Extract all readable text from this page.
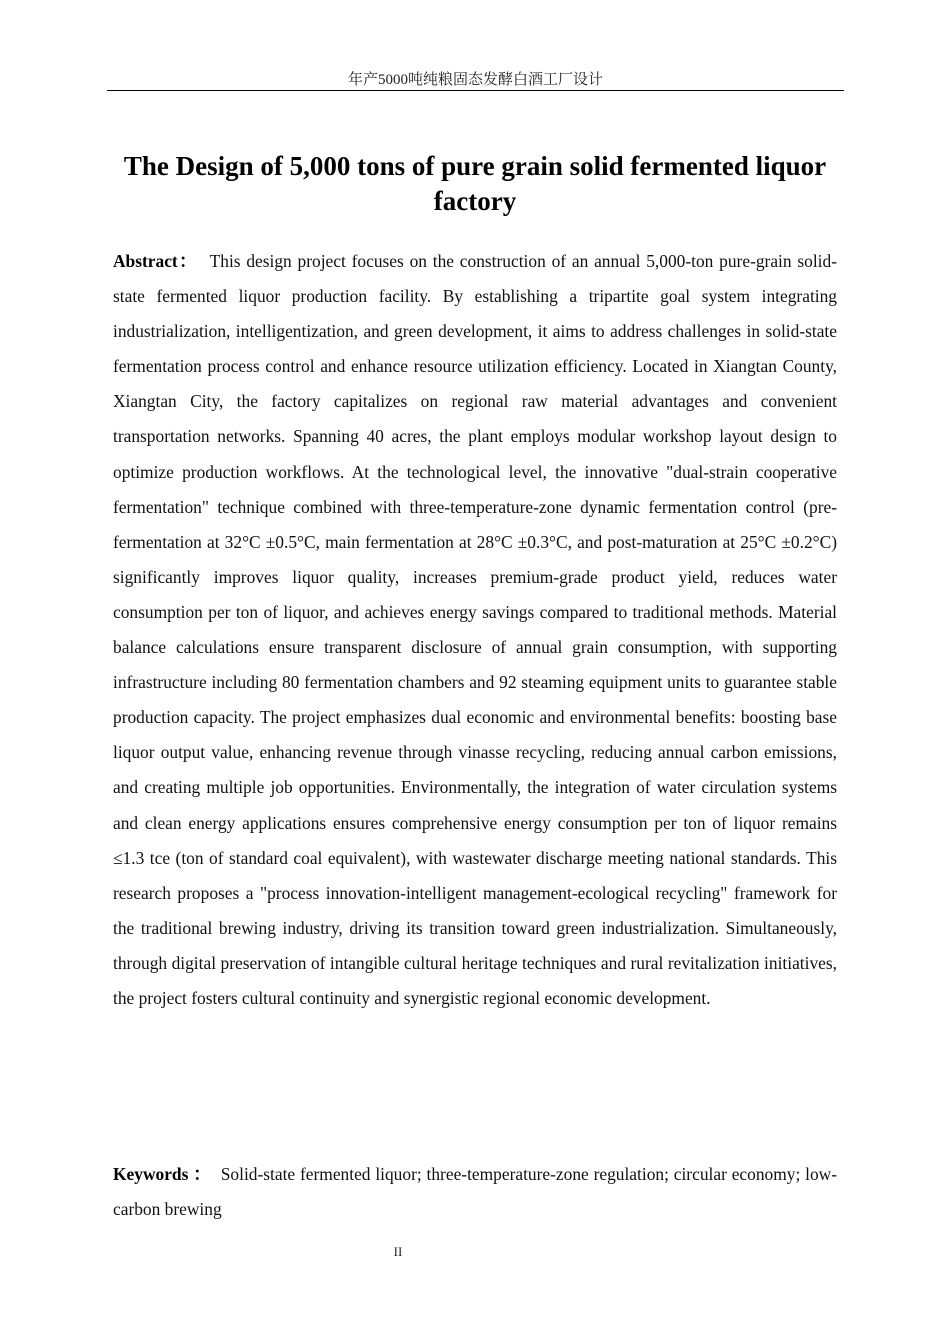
年产5000吨纯粮固态发酵白酒工厂设计
The Design of 5,000 tons of pure grain solid fermented liquor factory

Abstract： This design project focuses on the construction of an annual 5,000-ton pure-grain solid-state fermented liquor production facility. By establishing a tripartite goal system integrating industrialization, intelligentization, and green development, it aims to address challenges in solid-state fermentation process control and enhance resource utilization efficiency. Located in Xiangtan County, Xiangtan City, the factory capitalizes on regional raw material advantages and convenient transportation networks. Spanning 40 acres, the plant employs modular workshop layout design to optimize production workflows. At the technological level, the innovative "dual-strain cooperative fermentation" technique combined with three-temperature-zone dynamic fermentation control (pre-fermentation at 32°C ±0.5°C, main fermentation at 28°C ±0.3°C, and post-maturation at 25°C ±0.2°C) significantly improves liquor quality, increases premium-grade product yield, reduces water consumption per ton of liquor, and achieves energy savings compared to traditional methods. Material balance calculations ensure transparent disclosure of annual grain consumption, with supporting infrastructure including 80 fermentation chambers and 92 steaming equipment units to guarantee stable production capacity. The project emphasizes dual economic and environmental benefits: boosting base liquor output value, enhancing revenue through vinasse recycling, reducing annual carbon emissions, and creating multiple job opportunities. Environmentally, the integration of water circulation systems and clean energy applications ensures comprehensive energy consumption per ton of liquor remains ≤1.3 tce (ton of standard coal equivalent), with wastewater discharge meeting national standards. This research proposes a "process innovation-intelligent management-ecological recycling" framework for the traditional brewing industry, driving its transition toward green industrialization. Simultaneously, through digital preservation of intangible cultural heritage techniques and rural revitalization initiatives, the project fosters cultural continuity and synergistic regional economic development.

Keywords ： Solid-state fermented liquor; three-temperature-zone regulation; circular economy; low-carbon brewing

II
